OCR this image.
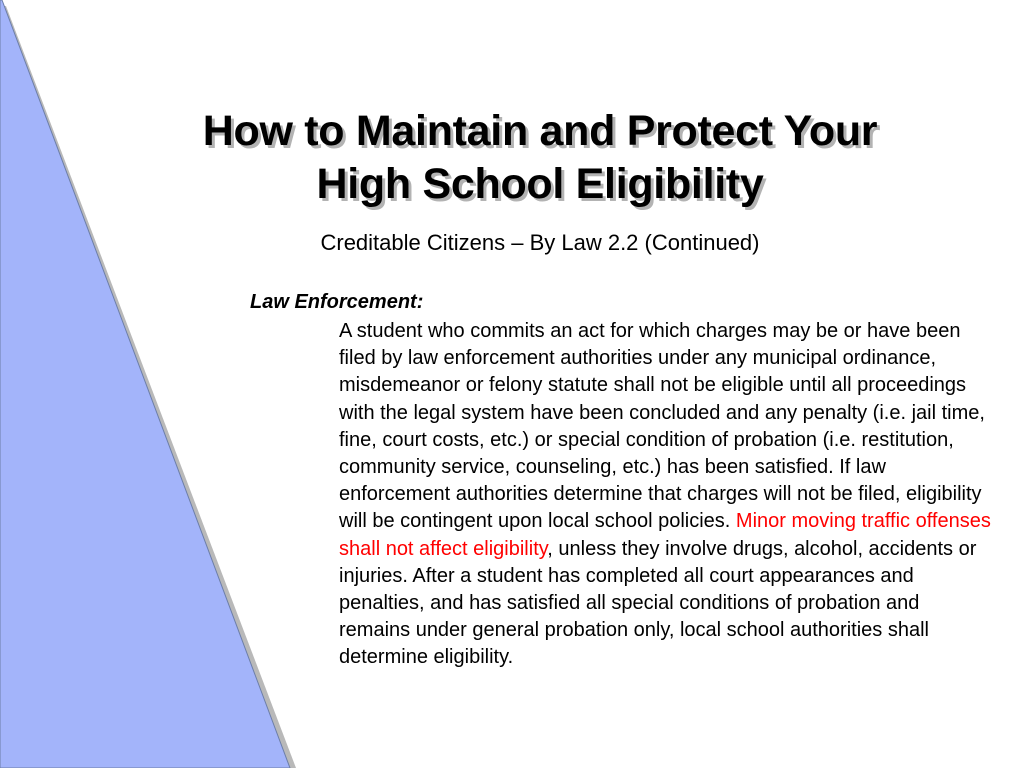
How to Maintain and Protect Your
High School Eligibility
Creditable Citizens – By Law 2.2 (Continued)
Law Enforcement:

A student who commits an act for which charges may be or have been filed by law enforcement authorities under any municipal ordinance, misdemeanor or felony statute shall not be eligible until all proceedings with the legal system have been concluded and any penalty (i.e. jail time, fine, court costs, etc.) or special condition of probation (i.e. restitution, community service, counseling, etc.) has been satisfied. If law enforcement authorities determine that charges will not be filed, eligibility will be contingent upon local school policies. Minor moving traffic offenses shall not affect eligibility, unless they involve drugs, alcohol, accidents or injuries. After a student has completed all court appearances and penalties, and has satisfied all special conditions of probation and remains under general probation only, local school authorities shall determine eligibility.
